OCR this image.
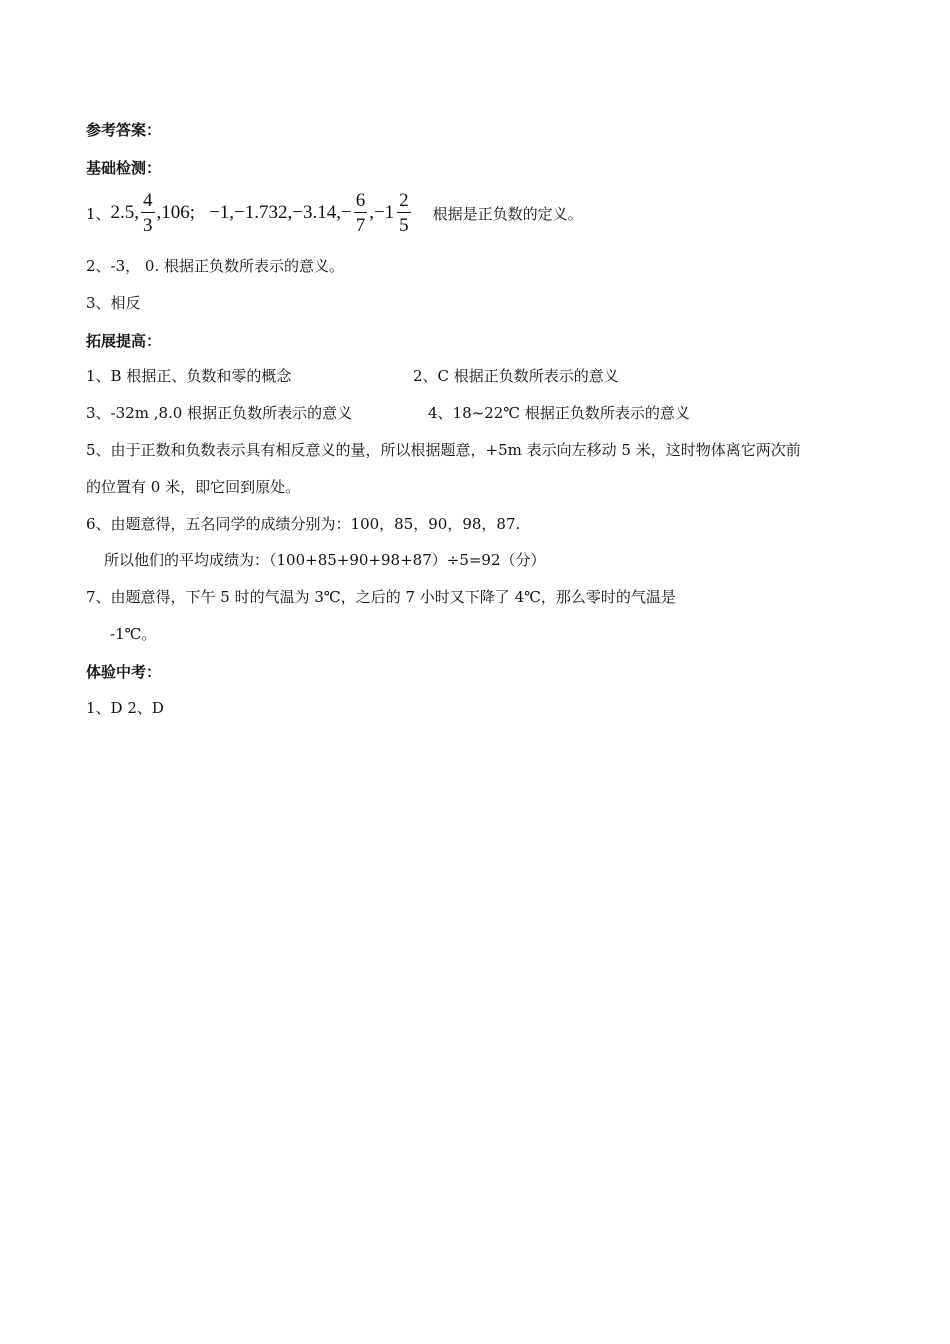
参考答案：
基础检测：
1、 2.5, $\frac{4}{3} ,106$; $-1,-1.732,-3.14,- \frac{6}{7} ,-1 \frac{2}{5}$ 根据是正负数的定义。
2、-3， 0. 根据正负数所表示的意义。
3、相反
拓展提高：
1、B 根据正、负数和零的概念	2、C 根据正负数所表示的意义
3、-32m ,8.0 根据正负数所表示的意义	4、18~22℃ 根据正负数所表示的意义
5、由于正数和负数表示具有相反意义的量，所以根据题意，+5m 表示向左移动 5 米，这时物体离它两次前
的位置有 0 米，即它回到原处。
6、由题意得，五名同学的成绩分别为：100，85，90，98，87.
所以他们的平均成绩为：（100+85+90+98+87）÷5=92（分）
7、由题意得，下午 5 时的气温为 3℃，之后的 7 小时又下降了 4℃，那么零时的气温是
-1℃。
体验中考：
1、D 2、D
